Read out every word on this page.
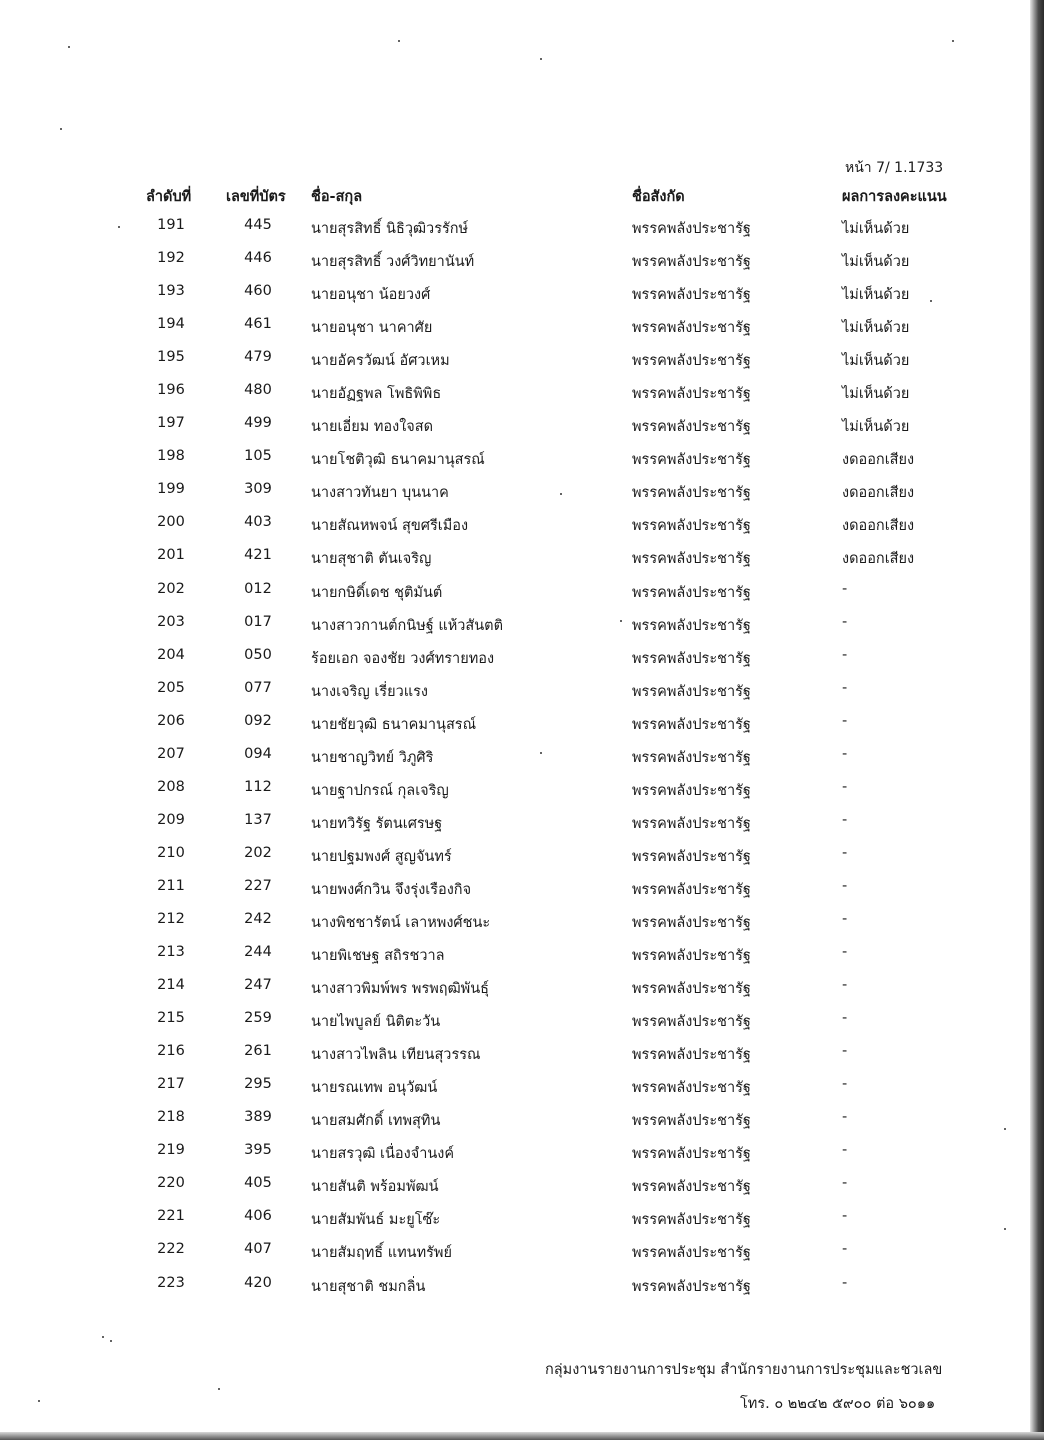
หน้า 7/ 1.1733
ลำดับที่ เลขที่บัตร ชื่อ-สกุล	ชื่อสังกัด	ผลการลงคะแนน
191	445	นายสุรสิทธิ์ นิธิวุฒิวรรักษ์	พรรคพลังประชารัฐ	ไม่เห็นด้วย
192	446	นายสุรสิทธิ์ วงศ์วิทยานันท์	พรรคพลังประชารัฐ	ไม่เห็นด้วย
193	460	นายอนุชา น้อยวงศ์	พรรคพลังประชารัฐ	ไม่เห็นด้วย
194	461	นายอนุชา นาคาศัย	พรรคพลังประชารัฐ	ไม่เห็นด้วย
195	479	นายอัครวัฒน์ อัศวเหม	พรรคพลังประชารัฐ	ไม่เห็นด้วย
196	480	นายอัฏฐพล โพธิพิพิธ	พรรคพลังประชารัฐ	ไม่เห็นด้วย
197	499	นายเอี่ยม ทองใจสด	พรรคพลังประชารัฐ	ไม่เห็นด้วย
198	105	นายโชติวุฒิ ธนาคมานุสรณ์	พรรคพลังประชารัฐ	งดออกเสียง
199	309	นางสาวทันยา บุนนาค	พรรคพลังประชารัฐ	งดออกเสียง
200	403	นายสัณหพจน์ สุขศรีเมือง	พรรคพลังประชารัฐ	งดออกเสียง
201	421	นายสุชาติ ตันเจริญ	พรรคพลังประชารัฐ	งดออกเสียง
202	012	นายกษิดิ์เดช ชุติมันต์	พรรคพลังประชารัฐ	-
203	017	นางสาวกานต์กนิษฐ์ แห้วสันตติ	พรรคพลังประชารัฐ	-
204	050	ร้อยเอก จองชัย วงศ์ทรายทอง	พรรคพลังประชารัฐ	-
205	077	นางเจริญ เรี่ยวแรง	พรรคพลังประชารัฐ	-
206	092	นายชัยวุฒิ ธนาคมานุสรณ์	พรรคพลังประชารัฐ	-
207	094	นายชาญวิทย์ วิภูศิริ	พรรคพลังประชารัฐ	-
208	112	นายฐาปกรณ์ กุลเจริญ	พรรคพลังประชารัฐ	-
209	137	นายทวิรัฐ รัตนเศรษฐ	พรรคพลังประชารัฐ	-
210	202	นายปฐมพงศ์ สูญจันทร์	พรรคพลังประชารัฐ	-
211	227	นายพงศ์กวิน จึงรุ่งเรืองกิจ	พรรคพลังประชารัฐ	-
212	242	นางพิชชารัตน์ เลาหพงศ์ชนะ	พรรคพลังประชารัฐ	-
213	244	นายพิเชษฐ สถิรชวาล	พรรคพลังประชารัฐ	-
214	247	นางสาวพิมพ์พร พรพฤฒิพันธุ์	พรรคพลังประชารัฐ	-
215	259	นายไพบูลย์ นิติตะวัน	พรรคพลังประชารัฐ	-
216	261	นางสาวไพลิน เทียนสุวรรณ	พรรคพลังประชารัฐ	-
217	295	นายรณเทพ อนุวัฒน์	พรรคพลังประชารัฐ	-
218	389	นายสมศักดิ์ เทพสุทิน	พรรคพลังประชารัฐ	-
219	395	นายสรวุฒิ เนื่องจำนงค์	พรรคพลังประชารัฐ	-
220	405	นายสันติ พร้อมพัฒน์	พรรคพลังประชารัฐ	-
221	406	นายสัมพันธ์ มะยูโซ๊ะ	พรรคพลังประชารัฐ	-
222	407	นายสัมฤทธิ์ แทนทรัพย์	พรรคพลังประชารัฐ	-
223	420	นายสุชาติ ชมกลิ่น	พรรคพลังประชารัฐ	-
กลุ่มงานรายงานการประชุม สำนักรายงานการประชุมและชวเลข
โทร. ๐ ๒๒๔๒ ๕๙๐๐ ต่อ ๖๐๑๑
